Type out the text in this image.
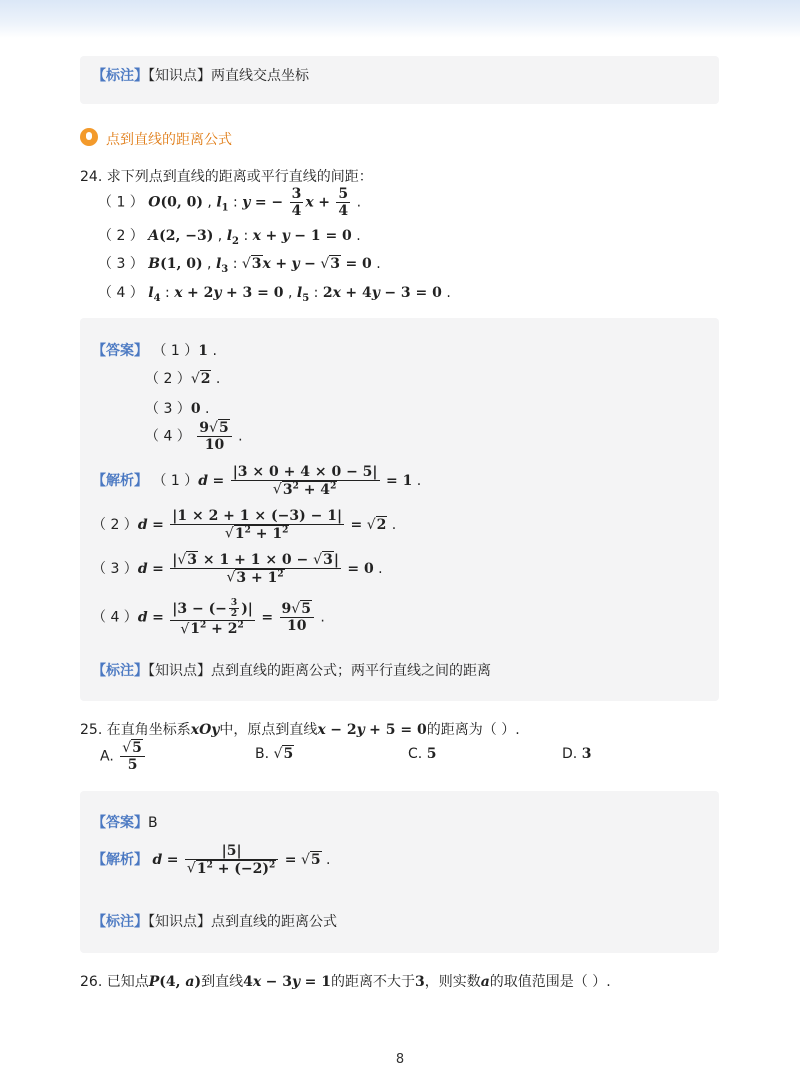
【标注】【知识点】两直线交点坐标
点到直线的距离公式
24. 求下列点到直线的距离或平行直线的间距：
（ 1 ） O(0, 0) , $l_1$ : y = − $\frac{3}{4}$ $x + \frac{5}{4}$ .
（ 2 ） A(2, −3) , $l_2$ : x + y − 1 = 0 .
（ 3 ） B(1, 0) , $l_3$ : √3x + y − √3 = 0 .
（ 4 ） $l_4$ : x + 2y + 3 = 0 , $l_5$ : 2x + 4y − 3 = 0 .
【答案】 （ 1 ）1 .
（ 2 ）√2 .
（ 3 ）0 .
（ 4 ） $\frac{9√5}{10}$ .
【解析】 （ 1 ）$d = \frac{|3 \times 0 + 4 \times 0 - 5|}{√3^2 + 4^2} = 1$ .
（ 2 ）$d = \frac{|1 \times 2 + 1 \times (-3) - 1|}{√1^2 + 1^2} = √2$ .
（ 3 ）$d = \frac{|√3 \times 1 + 1 \times 0 - √3|}{√3 + 1^2} = 0$ .
（ 4 ）$d = \frac{|3 - (- \frac{3}{2} )|}{√1^2 + 2^2} = \frac{9√5}{10}$ .
【标注】【知识点】点到直线的距离公式；两平行直线之间的距离
25. 在直角坐标系xOy中，原点到直线x − 2y + 5 = 0的距离为（ ）.
A. $\frac{√5}{5}$	B. √5	C. 5	D. 3
【答案】B
【解析】 $d = \frac{|5|}{√1^2 + (-2)^2} = √5$ .
【标注】【知识点】点到直线的距离公式
26. 已知点P(4, a)到直线4x − 3y = 1的距离不大于3，则实数a的取值范围是（ ）.
8
